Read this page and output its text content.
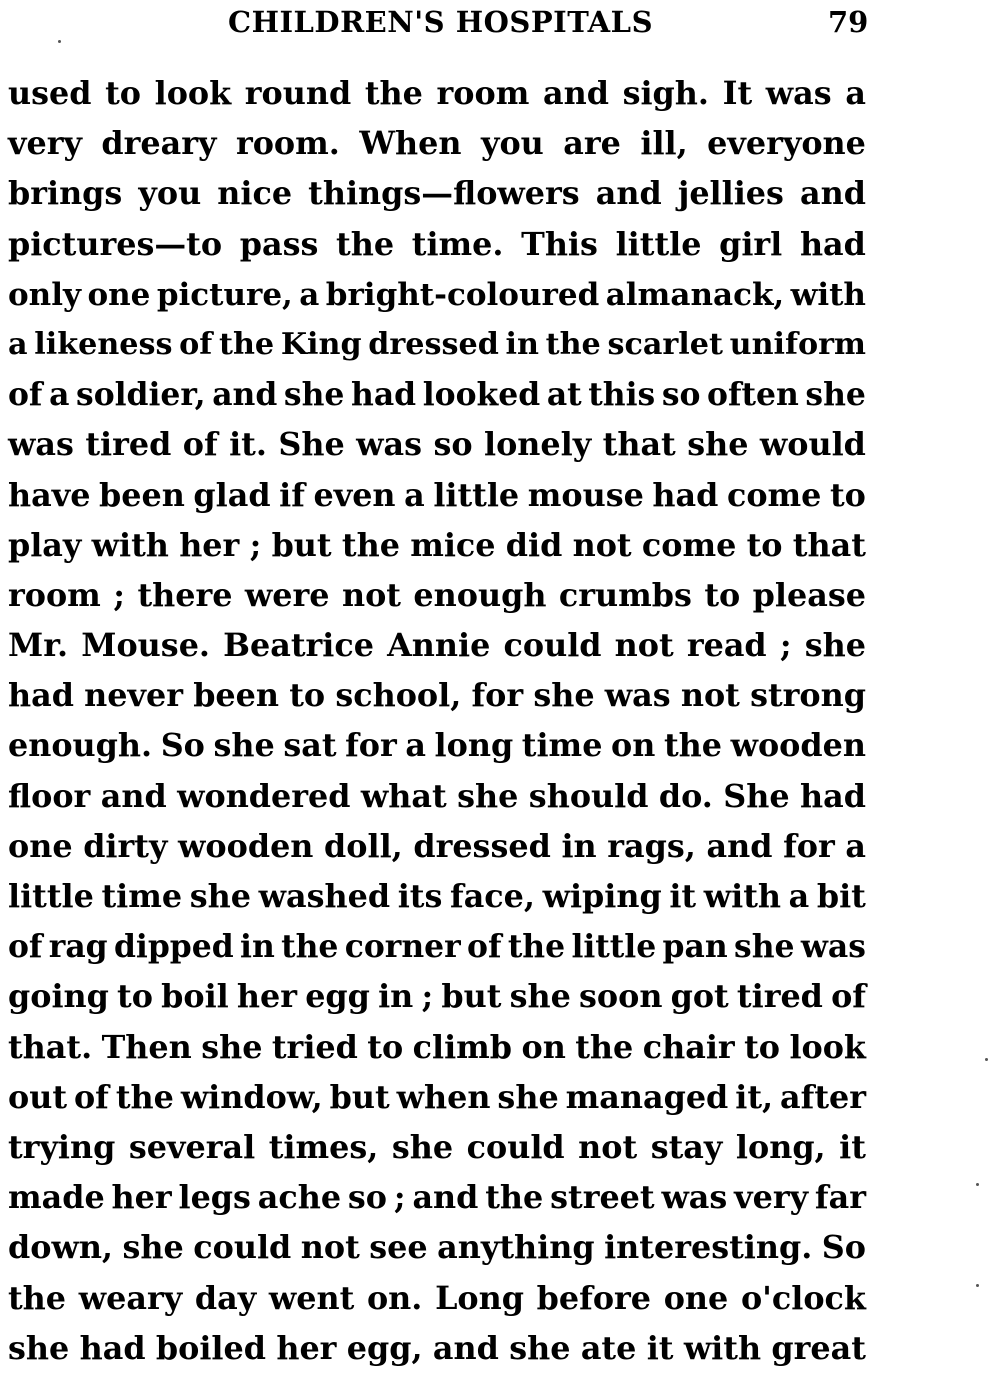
CHILDREN'S HOSPITALS	79
used to look round the room and sigh. It was a
very dreary room. When you are ill, everyone
brings you nice things—flowers and jellies and
pictures—to pass the time. This little girl had
only one picture, a bright-coloured almanack, with
a likeness of the King dressed in the scarlet uniform
of a soldier, and she had looked at this so often she
was tired of it. She was so lonely that she would
have been glad if even a little mouse had come to
play with her ; but the mice did not come to that
room ; there were not enough crumbs to please
Mr. Mouse. Beatrice Annie could not read ; she
had never been to school, for she was not strong
enough. So she sat for a long time on the wooden
floor and wondered what she should do. She had
one dirty wooden doll, dressed in rags, and for a
little time she washed its face, wiping it with a bit
of rag dipped in the corner of the little pan she was
going to boil her egg in ; but she soon got tired of
that. Then she tried to climb on the chair to look
out of the window, but when she managed it, after
trying several times, she could not stay long, it
made her legs ache so ; and the street was very far
down, she could not see anything interesting. So
the weary day went on. Long before one o'clock
she had boiled her egg, and she ate it with great
